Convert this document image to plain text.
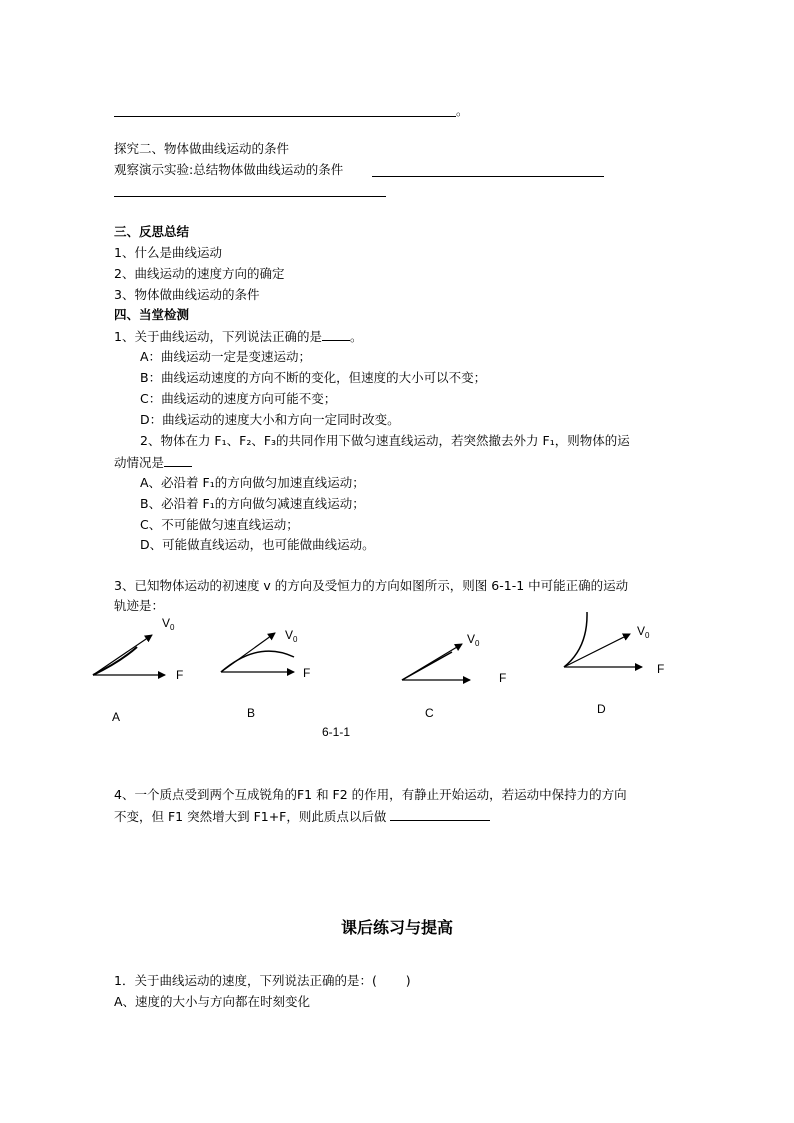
。
探究二、物体做曲线运动的条件
观察演示实验:总结物体做曲线运动的条件
三、反思总结
1、什么是曲线运动
2、曲线运动的速度方向的确定
3、物体做曲线运动的条件
四、当堂检测
1、关于曲线运动，下列说法正确的是 。
A：曲线运动一定是变速运动；
B：曲线运动速度的方向不断的变化，但速度的大小可以不变；
C：曲线运动的速度方向可能不变；
D：曲线运动的速度大小和方向一定同时改变。
2、物体在力 F₁、F₂、F₃的共同作用下做匀速直线运动，若突然撤去外力 F₁，则物体的运
动情况是
A、必沿着 F₁的方向做匀加速直线运动；
B、必沿着 F₁的方向做匀减速直线运动；
C、不可能做匀速直线运动；
D、可能做直线运动，也可能做曲线运动。
3、已知物体运动的初速度 v 的方向及受恒力的方向如图所示，则图 6-1-1 中可能正确的运动
轨迹是：
$V_0$
F
A
$V_0$
F
B
$V_0$
F
C
$V_0$
F
D
6-1-1
4、一个质点受到两个互成锐角的F1 和 F2 的作用，有静止开始运动，若运动中保持力的方向
不变，但 F1 突然增大到 F1+F，则此质点以后做
课后练习与提高
1．关于曲线运动的速度，下列说法正确的是：(　　 )
A、速度的大小与方向都在时刻变化
